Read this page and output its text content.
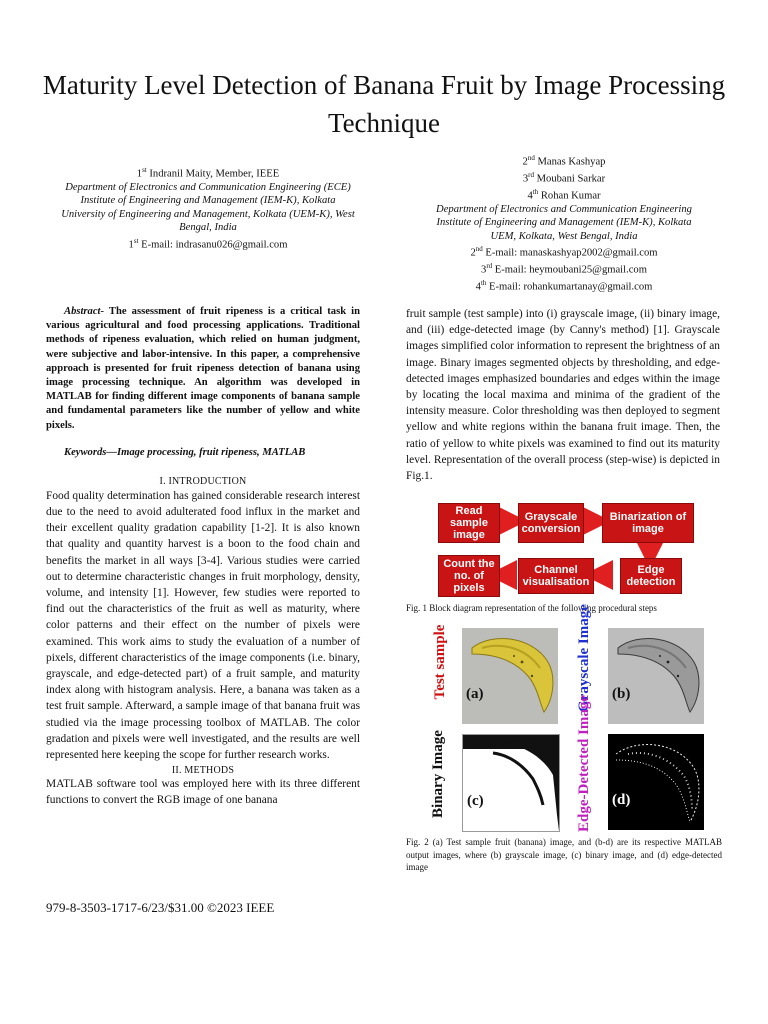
Maturity Level Detection of Banana Fruit by Image Processing Technique
1st Indranil Maity, Member, IEEE
Department of Electronics and Communication Engineering (ECE)
Institute of Engineering and Management (IEM-K), Kolkata
University of Engineering and Management, Kolkata (UEM-K), West Bengal, India
1st E-mail: indrasanu026@gmail.com
2nd Manas Kashyap
3rd Moubani Sarkar
4th Rohan Kumar
Department of Electronics and Communication Engineering
Institute of Engineering and Management (IEM-K), Kolkata
UEM, Kolkata, West Bengal, India
2nd E-mail: manaskashyap2002@gmail.com
3rd E-mail: heymoubani25@gmail.com
4th E-mail: rohankumartanay@gmail.com
Abstract- The assessment of fruit ripeness is a critical task in various agricultural and food processing applications. Traditional methods of ripeness evaluation, which relied on human judgment, were subjective and labor-intensive. In this paper, a comprehensive approach is presented for fruit ripeness detection of banana using image processing technique. An algorithm was developed in MATLAB for finding different image components of banana sample and fundamental parameters like the number of yellow and white pixels.
Keywords—Image processing, fruit ripeness, MATLAB
I. INTRODUCTION
Food quality determination has gained considerable research interest due to the need to avoid adulterated food influx in the market and their excellent quality gradation capability [1-2]. It is also known that quality and quantity harvest is a boon to the food chain and benefits the market in all ways [3-4]. Various studies were carried out to determine characteristic changes in fruit morphology, density, volume, and intensity [1]. However, few studies were reported to find out the characteristics of the fruit as well as maturity, where color patterns and their effect on the number of pixels were examined. This work aims to study the evaluation of a number of pixels, different characteristics of the image components (i.e. binary, grayscale, and edge-detected part) of a fruit sample, and maturity index along with histogram analysis. Here, a banana was taken as a test fruit sample. Afterward, a sample image of that banana fruit was studied via the image processing toolbox of MATLAB. The color gradation and pixels were well investigated, and the results are well represented here keeping the scope for further research works.
II. METHODS
MATLAB software tool was employed here with its three different functions to convert the RGB image of one banana
fruit sample (test sample) into (i) grayscale image, (ii) binary image, and (iii) edge-detected image (by Canny's method) [1]. Grayscale images simplified color information to represent the brightness of an image. Binary images segmented objects by thresholding, and edge-detected images emphasized boundaries and edges within the image by locating the local maxima and minima of the gradient of the intensity measure. Color thresholding was then deployed to segment yellow and white regions within the banana fruit image. Then, the ratio of yellow to white pixels was examined to find out its maturity level. Representation of the overall process (step-wise) is depicted in Fig.1.
Read sample image
Grayscale conversion
Binarization of image
Edge detection
Channel visualisation
Count the no. of pixels
Fig. 1 Block diagram representation of the following procedural steps
Test sample (a)	Grayscale Image (b)
Binary Image (c)	Edge-Detected Image (d)
Fig. 2 (a) Test sample fruit (banana) image, and (b-d) are its respective MATLAB output images, where (b) grayscale image, (c) binary image, and (d) edge-detected image
979-8-3503-1717-6/23/$31.00 ©2023 IEEE
